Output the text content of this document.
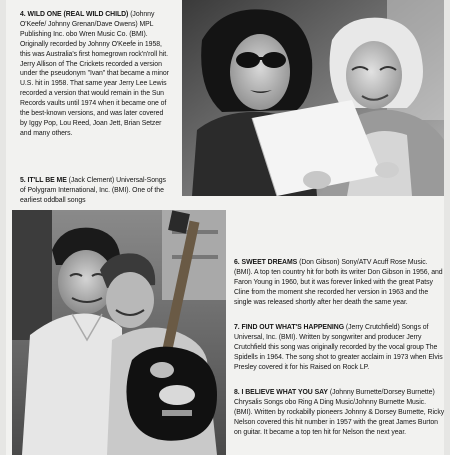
4. WILD ONE (REAL WILD CHILD) (Johnny O'Keefe/ Johnny Grenan/Dave Owens) MPL Publishing Inc. obo Wren Music Co. (BMI). Originally recorded by Johnny O'Keefe in 1958, this was Australia's first homegrown rock'n'roll hit. Jerry Allison of The Crickets recorded a version under the pseudonym "Ivan" that became a minor U.S. hit in 1958. That same year Jerry Lee Lewis recorded a version that would remain in the Sun Records vaults until 1974 when it became one of the best-known versions, and was later covered by Iggy Pop, Lou Reed, Joan Jett, Brian Setzer and many others.
5. IT'LL BE ME (Jack Clement) Universal-Songs of Polygram International, Inc. (BMI). One of the earliest oddball songs
6. SWEET DREAMS (Don Gibson) Sony/ATV Acuff Rose Music. (BMI). A top ten country hit for both its writer Don Gibson in 1956, and Faron Young in 1960, but it was forever linked with the great Patsy Cline from the moment she recorded her version in 1963 and the single was released shortly after her death the same year.
7. FIND OUT WHAT'S HAPPENING (Jerry Crutchfield) Songs of Universal, Inc. (BMI). Written by songwriter and producer Jerry Crutchfield this song was originally recorded by the vocal group The Spidells in 1964. The song shot to greater acclaim in 1973 when Elvis Presley covered it for his Raised on Rock LP.
8. I BELIEVE WHAT YOU SAY (Johnny Burnette/Dorsey Burnette) Chrysalis Songs obo Ring A Ding Music/Johnny Burnette Music. (BMI). Written by rockabilly pioneers Johnny & Dorsey Burnette, Ricky Nelson covered this hit number in 1957 with the great James Burton on guitar. It became a top ten hit for Nelson the next year.
